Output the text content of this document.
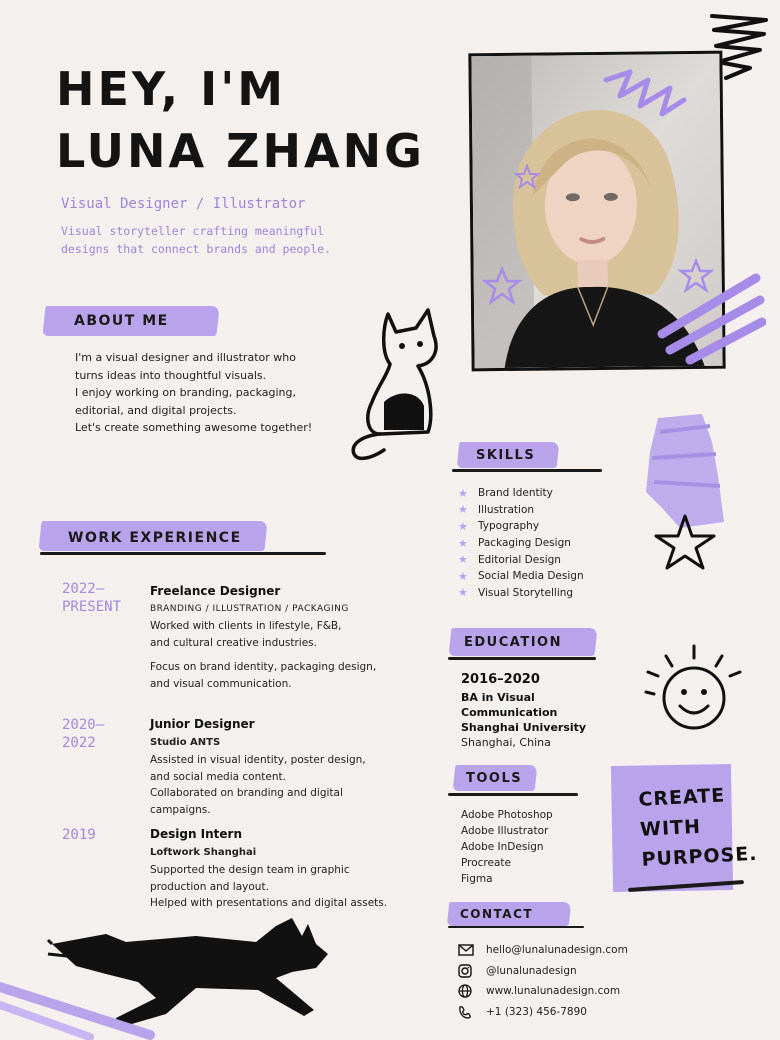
HEY, I'M
LUNA ZHANG
Visual Designer / Illustrator
Visual storyteller crafting meaningful
designs that connect brands and people.
ABOUT ME

I'm a visual designer and illustrator who

turns ideas into thoughtful visuals.

I enjoy working on branding, packaging,

editorial, and digital projects.

Let's create something awesome together!

WORK EXPERIENCE
2022–
PRESENT
Freelance Designer
BRANDING / ILLUSTRATION / PACKAGING
Worked with clients in lifestyle, F&B,
and cultural creative industries.
Focus on brand identity, packaging design,
and visual communication.
2020–
2022
Junior Designer
Studio ANTS
Assisted in visual identity, poster design,
and social media content.
Collaborated on branding and digital campaigns.
2019	Design Intern
Loftwork Shanghai
Supported the design team in graphic
production and layout.
Helped with presentations and digital assets.
SKILLS
★ Brand Identity
★ Illustration
★ Typography
★ Packaging Design
★ Editorial Design
★ Social Media Design
★ Visual Storytelling
EDUCATION
2016–2020
BA in Visual Communication
Shanghai University
Shanghai, China
TOOLS
Adobe Photoshop
Adobe Illustrator
Adobe InDesign
Procreate
Figma
CREATE
WITH
PURPOSE.
CONTACT
hello@lunalunadesign.com
@lunalunadesign
www.lunalunadesign.com
+1 (323) 456-7890
